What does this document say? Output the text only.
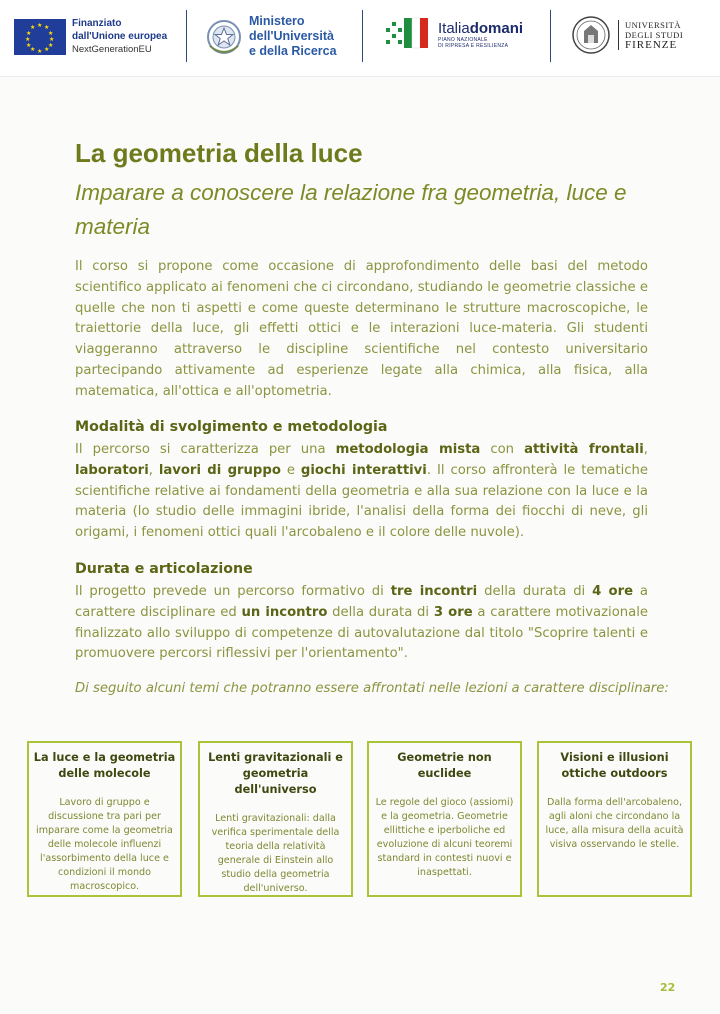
★ ★
★
★
★
★
★
★
★
★
★
★	Finanziato
dall'Unione europea
NextGenerationEU
Ministero
dell'Università
e della Ricerca
Italiadomani
PIANO NAZIONALE
DI RIPRESA E RESILIENZA
UNIVERSITÀ
DEGLI STUDI
FIRENZE
La geometria della luce

Imparare a conoscere la relazione fra geometria, luce e materia

Il corso si propone come occasione di approfondimento delle basi del metodo scientifico applicato ai fenomeni che ci circondano, studiando le geometrie classiche e quelle che non ti aspetti e come queste determinano le strutture macroscopiche, le traiettorie della luce, gli effetti ottici e le interazioni luce-materia. Gli studenti viaggeranno attraverso le discipline scientifiche nel contesto universitario partecipando attivamente ad esperienze legate alla chimica, alla fisica, alla matematica, all'ottica e all'optometria.

Modalità di svolgimento e metodologia

Il percorso si caratterizza per una metodologia mista con attività frontali, laboratori, lavori di gruppo e giochi interattivi. Il corso affronterà le tematiche scientifiche relative ai fondamenti della geometria e alla sua relazione con la luce e la materia (lo studio delle immagini ibride, l'analisi della forma dei fiocchi di neve, gli origami, i fenomeni ottici quali l'arcobaleno e il colore delle nuvole).

Durata e articolazione

Il progetto prevede un percorso formativo di tre incontri della durata di 4 ore a carattere disciplinare ed un incontro della durata di 3 ore a carattere motivazionale finalizzato allo sviluppo di competenze di autovalutazione dal titolo "Scoprire talenti e promuovere percorsi riflessivi per l'orientamento".

Di seguito alcuni temi che potranno essere affrontati nelle lezioni a carattere disciplinare:

La luce e la geometria delle molecole
Lavoro di gruppo e discussione tra pari per imparare come la geometria delle molecole influenzi l'assorbimento della luce e condizioni il mondo macroscopico.
Lenti gravitazionali e geometria dell'universo
Lenti gravitazionali: dalla verifica sperimentale della teoria della relatività generale di Einstein allo studio della geometria dell'universo.
Geometrie non euclidee
Le regole del gioco (assiomi) e la geometria. Geometrie ellittiche e iperboliche ed evoluzione di alcuni teoremi standard in contesti nuovi e inaspettati.
Visioni e illusioni ottiche outdoors
Dalla forma dell'arcobaleno, agli aloni che circondano la luce, alla misura della acuità visiva osservando le stelle.
22
